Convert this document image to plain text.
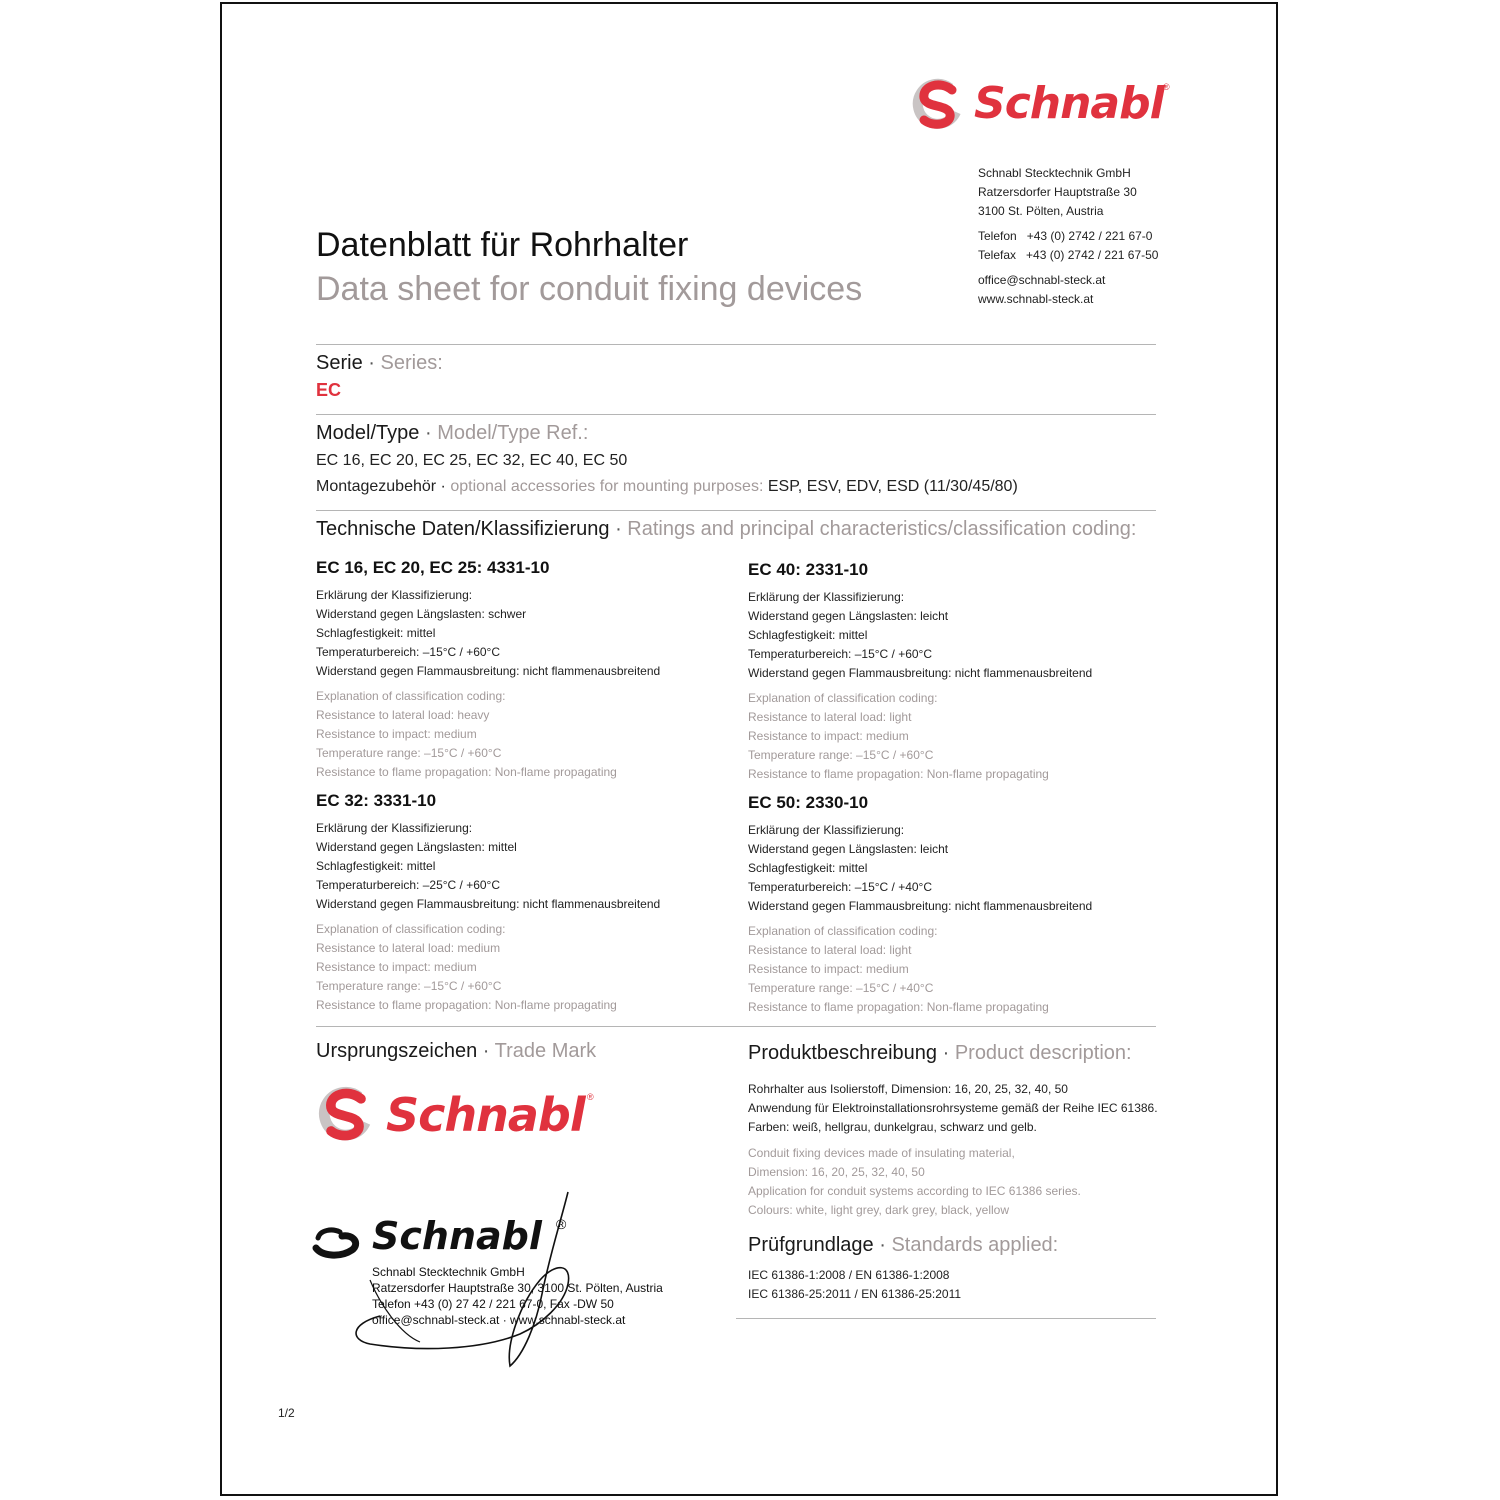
Schnabl ®
Schnabl Stecktechnik GmbH
Ratzersdorfer Hauptstraße 30
3100 St. Pölten, Austria
Telefon +43 (0) 2742 / 221 67-0
Telefax +43 (0) 2742 / 221 67-50
office@schnabl-steck.at
www.schnabl-steck.at
Datenblatt für Rohrhalter
Data sheet for conduit fixing devices
Serie · Series:
EC
Model/Type · Model/Type Ref.:
EC 16, EC 20, EC 25, EC 32, EC 40, EC 50
Montagezubehör · optional accessories for mounting purposes: ESP, ESV, EDV, ESD (11/30/45/80)
Technische Daten/Klassifizierung · Ratings and principal characteristics/classification coding:
EC 16, EC 20, EC 25: 4331-10
Erklärung der Klassifizierung:
Widerstand gegen Längslasten: schwer
Schlagfestigkeit: mittel
Temperaturbereich: –15°C / +60°C
Widerstand gegen Flammausbreitung: nicht flammenausbreitend
Explanation of classification coding:
Resistance to lateral load: heavy
Resistance to impact: medium
Temperature range: –15°C / +60°C
Resistance to flame propagation: Non-flame propagating
EC 40: 2331-10
Erklärung der Klassifizierung:
Widerstand gegen Längslasten: leicht
Schlagfestigkeit: mittel
Temperaturbereich: –15°C / +60°C
Widerstand gegen Flammausbreitung: nicht flammenausbreitend
Explanation of classification coding:
Resistance to lateral load: light
Resistance to impact: medium
Temperature range: –15°C / +60°C
Resistance to flame propagation: Non-flame propagating
EC 32: 3331-10
Erklärung der Klassifizierung:
Widerstand gegen Längslasten: mittel
Schlagfestigkeit: mittel
Temperaturbereich: –25°C / +60°C
Widerstand gegen Flammausbreitung: nicht flammenausbreitend
Explanation of classification coding:
Resistance to lateral load: medium
Resistance to impact: medium
Temperature range: –15°C / +60°C
Resistance to flame propagation: Non-flame propagating
EC 50: 2330-10
Erklärung der Klassifizierung:
Widerstand gegen Längslasten: leicht
Schlagfestigkeit: mittel
Temperaturbereich: –15°C / +40°C
Widerstand gegen Flammausbreitung: nicht flammenausbreitend
Explanation of classification coding:
Resistance to lateral load: light
Resistance to impact: medium
Temperature range: –15°C / +40°C
Resistance to flame propagation: Non-flame propagating
Ursprungszeichen · Trade Mark
Schnabl ®
Schnabl ®
Schnabl Stecktechnik GmbH
Ratzersdorfer Hauptstraße 30, 3100 St. Pölten, Austria
Telefon +43 (0) 27 42 / 221 67-0, Fax -DW 50
office@schnabl-steck.at · www.schnabl-steck.at
Produktbeschreibung · Product description:
Rohrhalter aus Isolierstoff, Dimension: 16, 20, 25, 32, 40, 50
Anwendung für Elektroinstallationsrohrsysteme gemäß der Reihe IEC 61386.
Farben: weiß, hellgrau, dunkelgrau, schwarz und gelb.
Conduit fixing devices made of insulating material,
Dimension: 16, 20, 25, 32, 40, 50
Application for conduit systems according to IEC 61386 series.
Colours: white, light grey, dark grey, black, yellow
Prüfgrundlage · Standards applied:
IEC 61386-1:2008 / EN 61386-1:2008
IEC 61386-25:2011 / EN 61386-25:2011
1/2
